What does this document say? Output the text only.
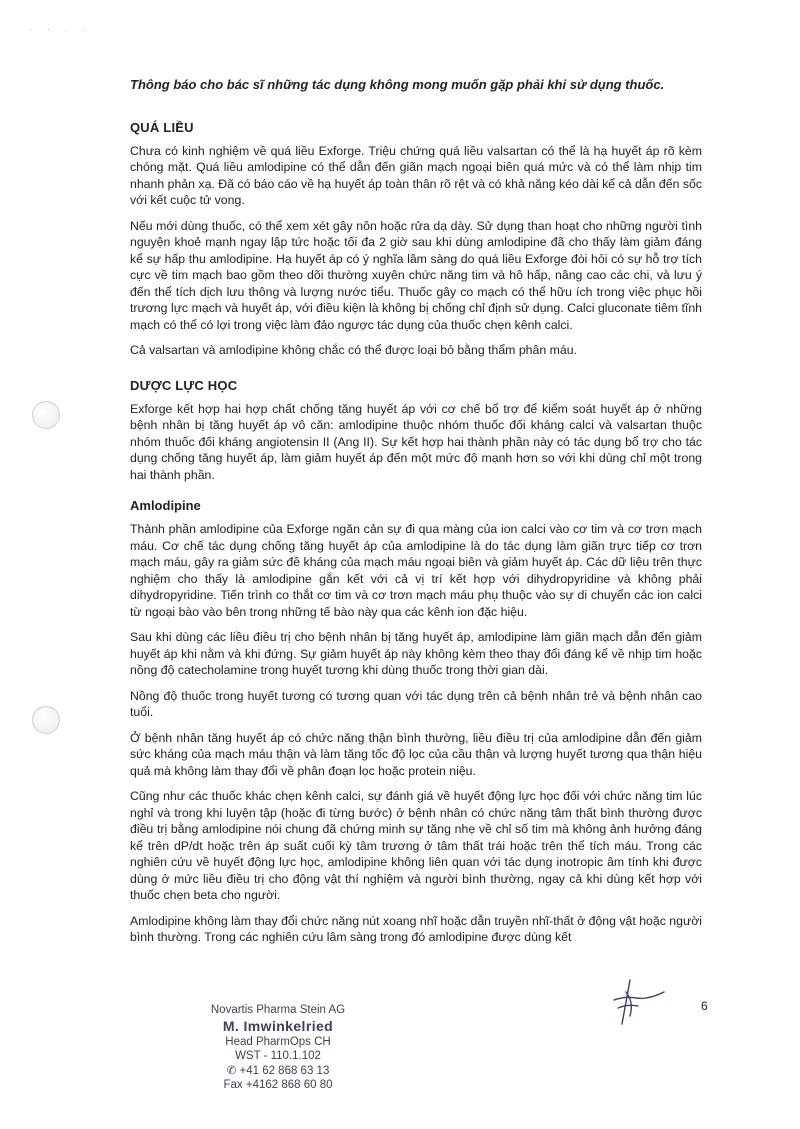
˙ ˙ ˙ ˙

Thông báo cho bác sĩ những tác dụng không mong muốn gặp phải khi sử dụng thuốc.

QUÁ LIỀU

Chưa có kinh nghiệm về quá liều Exforge. Triệu chứng quá liều valsartan có thể là hạ huyết áp rõ kèm chóng mặt. Quá liều amlodipine có thể dẫn đến giãn mạch ngoại biên quá mức và có thể làm nhịp tim nhanh phản xạ. Đã có báo cáo về hạ huyết áp toàn thân rõ rệt và có khả năng kéo dài kể cả dẫn đến sốc với kết cuộc tử vong.

Nếu mới dùng thuốc, có thể xem xét gây nôn hoặc rửa dạ dày. Sử dụng than hoạt cho những người tình nguyện khoẻ mạnh ngay lập tức hoặc tối đa 2 giờ sau khi dùng amlodipine đã cho thấy làm giảm đáng kể sự hấp thu amlodipine. Hạ huyết áp có ý nghĩa lâm sàng do quá liều Exforge đòi hỏi có sự hỗ trợ tích cực về tim mạch bao gồm theo dõi thường xuyên chức năng tim và hô hấp, nâng cao các chi, và lưu ý đến thể tích dịch lưu thông và lượng nước tiểu. Thuốc gây co mạch có thể hữu ích trong việc phục hồi trương lực mạch và huyết áp, với điều kiện là không bị chống chỉ định sử dụng. Calci gluconate tiêm tĩnh mạch có thể có lợi trong việc làm đảo ngược tác dụng của thuốc chẹn kênh calci.

Cả valsartan và amlodipine không chắc có thể được loại bỏ bằng thẩm phân máu.

DƯỢC LỰC HỌC

Exforge kết hợp hai hợp chất chống tăng huyết áp với cơ chế bổ trợ để kiểm soát huyết áp ở những bệnh nhân bị tăng huyết áp vô căn: amlodipine thuộc nhóm thuốc đối kháng calci và valsartan thuộc nhóm thuốc đối kháng angiotensin II (Ang II). Sự kết hợp hai thành phần này có tác dụng bổ trợ cho tác dụng chống tăng huyết áp, làm giảm huyết áp đến một mức độ mạnh hơn so với khi dùng chỉ một trong hai thành phần.

Amlodipine

Thành phần amlodipine của Exforge ngăn cản sự đi qua màng của ion calci vào cơ tim và cơ trơn mạch máu. Cơ chế tác dụng chống tăng huyết áp của amlodipine là do tác dụng làm giãn trực tiếp cơ trơn mạch máu, gây ra giảm sức đề kháng của mạch máu ngoại biên và giảm huyết áp. Các dữ liệu trên thực nghiệm cho thấy là amlodipine gắn kết với cả vị trí kết hợp với dihydropyridine và không phải dihydropyridine. Tiến trình co thắt cơ tim và cơ trơn mạch máu phụ thuộc vào sự di chuyển các ion calci từ ngoại bào vào bên trong những tế bào này qua các kênh ion đặc hiệu.

Sau khi dùng các liều điều trị cho bệnh nhân bị tăng huyết áp, amlodipine làm giãn mạch dẫn đến giảm huyết áp khi nằm và khi đứng. Sự giảm huyết áp này không kèm theo thay đổi đáng kể về nhịp tim hoặc nồng độ catecholamine trong huyết tương khi dùng thuốc trong thời gian dài.

Nồng độ thuốc trong huyết tương có tương quan với tác dụng trên cả bệnh nhân trẻ và bệnh nhân cao tuổi.

Ở bệnh nhân tăng huyết áp có chức năng thận bình thường, liều điều trị của amlodipine dẫn đến giảm sức kháng của mạch máu thận và làm tăng tốc độ lọc của cầu thận và lượng huyết tương qua thận hiệu quả mà không làm thay đổi về phân đoạn lọc hoặc protein niệu.

Cũng như các thuốc khác chẹn kênh calci, sự đánh giá về huyết động lực học đối với chức năng tim lúc nghỉ và trong khi luyện tập (hoặc đi từng bước) ở bệnh nhân có chức năng tâm thất bình thường được điều trị bằng amlodipine nói chung đã chứng minh sự tăng nhẹ về chỉ số tim mà không ảnh hưởng đáng kể trên dP/dt hoặc trên áp suất cuối kỳ tâm trương ở tâm thất trái hoặc trên thể tích máu. Trong các nghiên cứu về huyết động lực học, amlodipine không liên quan với tác dụng inotropic âm tính khi được dùng ở mức liều điều trị cho động vật thí nghiệm và người bình thường, ngay cả khi dùng kết hợp với thuốc chẹn beta cho người.

Amlodipine không làm thay đổi chức năng nút xoang nhĩ hoặc dẫn truyền nhĩ-thất ở động vật hoặc người bình thường. Trong các nghiên cứu lâm sàng trong đó amlodipine được dùng kết

Novartis Pharma Stein AG
M. Imwinkelried
Head PharmOps CH
WST - 110.1.102
✆ +41 62 868 63 13
Fax +4162 868 60 80
6
